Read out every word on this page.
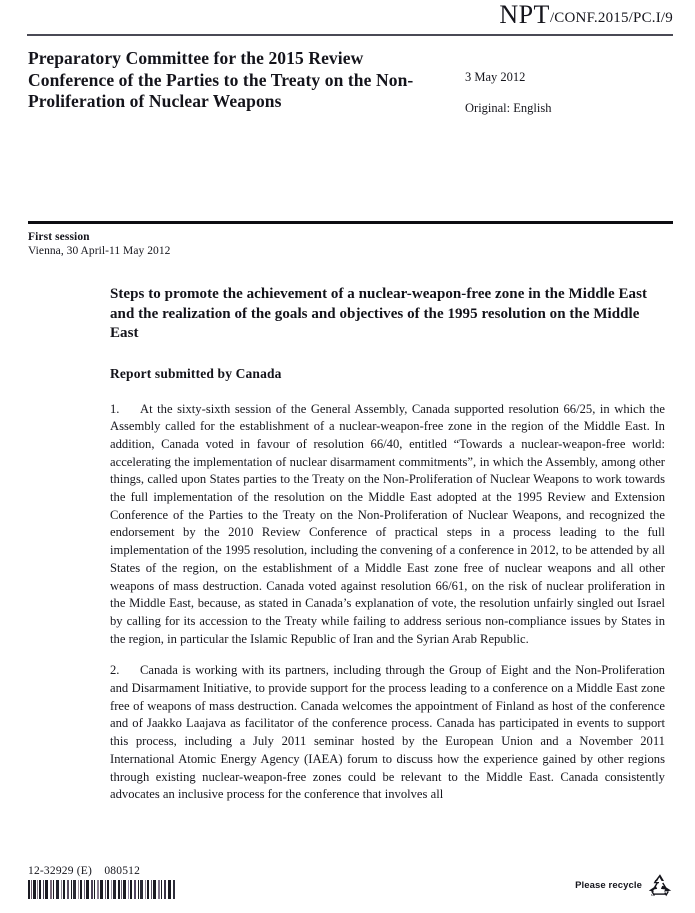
NPT/CONF.2015/PC.I/9
Preparatory Committee for the 2015 Review Conference of the Parties to the Treaty on the Non-Proliferation of Nuclear Weapons
3 May 2012
Original: English
First session
Vienna, 30 April-11 May 2012
Steps to promote the achievement of a nuclear-weapon-free zone in the Middle East and the realization of the goals and objectives of the 1995 resolution on the Middle East
Report submitted by Canada

1. At the sixty-sixth session of the General Assembly, Canada supported resolution 66/25, in which the Assembly called for the establishment of a nuclear-weapon-free zone in the region of the Middle East. In addition, Canada voted in favour of resolution 66/40, entitled “Towards a nuclear-weapon-free world: accelerating the implementation of nuclear disarmament commitments”, in which the Assembly, among other things, called upon States parties to the Treaty on the Non-Proliferation of Nuclear Weapons to work towards the full implementation of the resolution on the Middle East adopted at the 1995 Review and Extension Conference of the Parties to the Treaty on the Non-Proliferation of Nuclear Weapons, and recognized the endorsement by the 2010 Review Conference of practical steps in a process leading to the full implementation of the 1995 resolution, including the convening of a conference in 2012, to be attended by all States of the region, on the establishment of a Middle East zone free of nuclear weapons and all other weapons of mass destruction. Canada voted against resolution 66/61, on the risk of nuclear proliferation in the Middle East, because, as stated in Canada’s explanation of vote, the resolution unfairly singled out Israel by calling for its accession to the Treaty while failing to address serious non-compliance issues by States in the region, in particular the Islamic Republic of Iran and the Syrian Arab Republic.

2. Canada is working with its partners, including through the Group of Eight and the Non-Proliferation and Disarmament Initiative, to provide support for the process leading to a conference on a Middle East zone free of weapons of mass destruction. Canada welcomes the appointment of Finland as host of the conference and of Jaakko Laajava as facilitator of the conference process. Canada has participated in events to support this process, including a July 2011 seminar hosted by the European Union and a November 2011 International Atomic Energy Agency (IAEA) forum to discuss how the experience gained by other regions through existing nuclear-weapon-free zones could be relevant to the Middle East. Canada consistently advocates an inclusive process for the conference that involves all

12-32929 (E)    080512
Please recycle
